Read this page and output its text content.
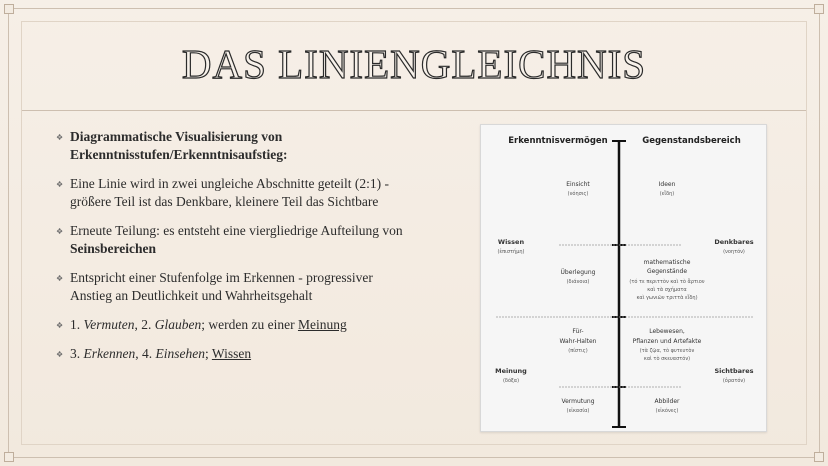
DAS LINIENGLEICHNIS
❖ Diagrammatische Visualisierung von Erkenntnisstufen/Erkenntnisaufstieg:
❖ Eine Linie wird in zwei ungleiche Abschnitte geteilt (2:1) - größere Teil ist das Denkbare, kleinere Teil das Sichtbare
❖ Erneute Teilung: es entsteht eine viergliedrige Aufteilung von Seinsbereichen
❖ Entspricht einer Stufenfolge im Erkennen - progressiver Anstieg an Deutlichkeit und Wahrheitsgehalt
❖ 1. Vermuten, 2. Glauben; werden zu einer Meinung
❖ 3. Erkennen, 4. Einsehen; Wissen
Erkenntnisvermögen	Gegenstandsbereich
Wissen
(ἐπιστήμη)
Denkbares
(νοητόν)
Meinung
(δόξα)
Sichtbares
(ὁρατόν)
Einsicht
(νόησις)
Ideen
(εἴδη)
Überlegung
(διάνοια)
mathematische
Gegenstände
(τό τε περιττὸν καὶ τὸ ἄρτιον
καὶ τὰ σχήματα
καὶ γωνιῶν τριττὰ εἴδη)
Für-
Wahr-Halten
(πίστις)
Lebewesen,
Pflanzen und Artefakte
(τὰ ζῷα, τὸ φυτευτὸν
καὶ τὸ σκευαστόν)
Vermutung
(εἰκασία)
Abbilder
(εἰκόνες)
